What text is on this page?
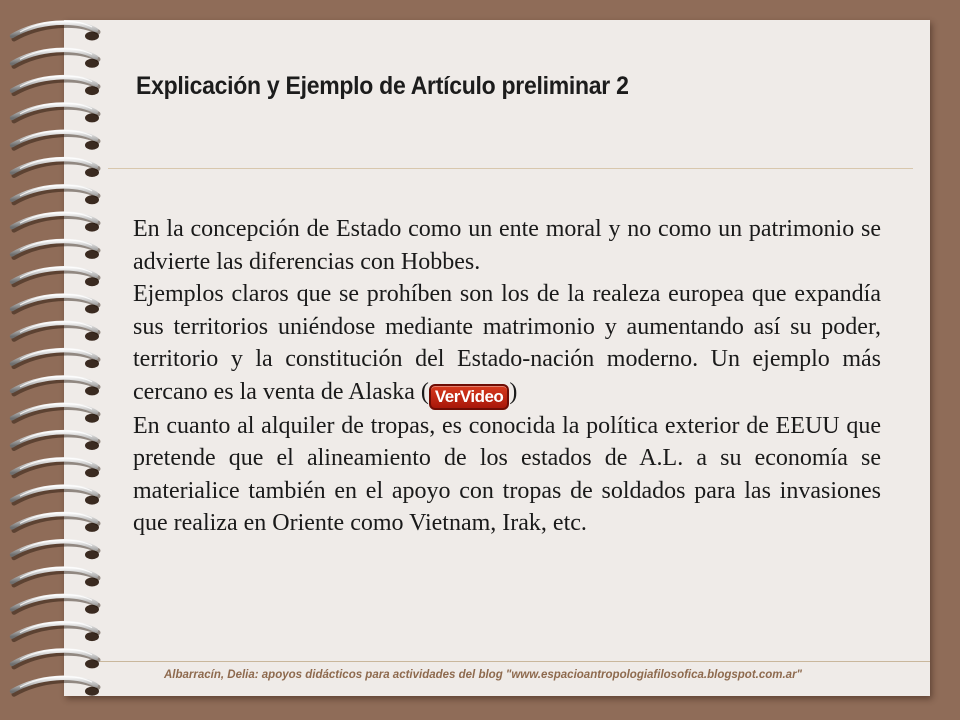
Explicación y Ejemplo de Artículo preliminar 2

En la concepción de Estado como un ente moral y no como un patrimonio se advierte las diferencias con Hobbes.

Ejemplos claros que se prohíben son los de la realeza europea que expandía sus territorios uniéndose mediante matrimonio y aumentando así su poder, territorio y la constitución del Estado-nación moderno. Un ejemplo más cercano es la venta de Alaska ( VerVideo )

En cuanto al alquiler de tropas, es conocida la política exterior de EEUU que pretende que el alineamiento de los estados de A.L. a su economía se materialice también en el apoyo con tropas de soldados para las invasiones que realiza en Oriente como Vietnam, Irak, etc.

Albarracín, Delia: apoyos didácticos para actividades del blog "www.espacioantropologiafilosofica.blogspot.com.ar"
